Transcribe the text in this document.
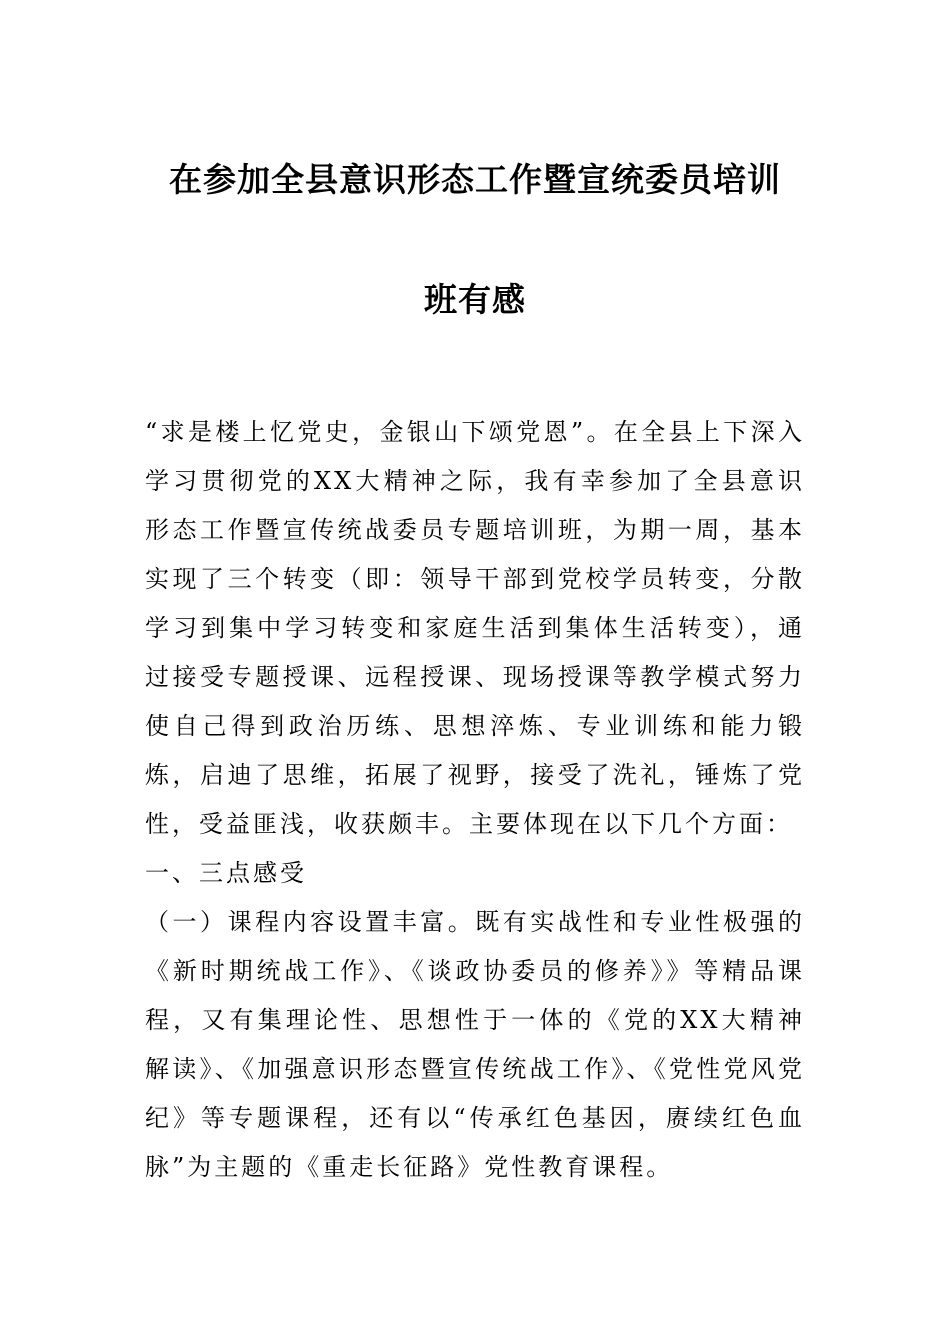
在参加全县意识形态工作暨宣统委员培训
班有感

“求是楼上忆党史，金银山下颂党恩”。在全县上下深入学习贯彻党的XX大精神之际，我有幸参加了全县意识形态工作暨宣传统战委员专题培训班，为期一周，基本实现了三个转变（即：领导干部到党校学员转变，分散学习到集中学习转变和家庭生活到集体生活转变），通过接受专题授课、远程授课、现场授课等教学模式努力使自己得到政治历练、思想淬炼、专业训练和能力锻炼，启迪了思维，拓展了视野，接受了洗礼，锤炼了党性，受益匪浅，收获颇丰。主要体现在以下几个方面：

一、三点感受

（一）课程内容设置丰富。既有实战性和专业性极强的《新时期统战工作》、《谈政协委员的修养》》等精品课程，又有集理论性、思想性于一体的《党的XX大精神解读》、《加强意识形态暨宣传统战工作》、《党性党风党纪》等专题课程，还有以“传承红色基因，赓续红色血脉”为主题的《重走长征路》党性教育课程。
